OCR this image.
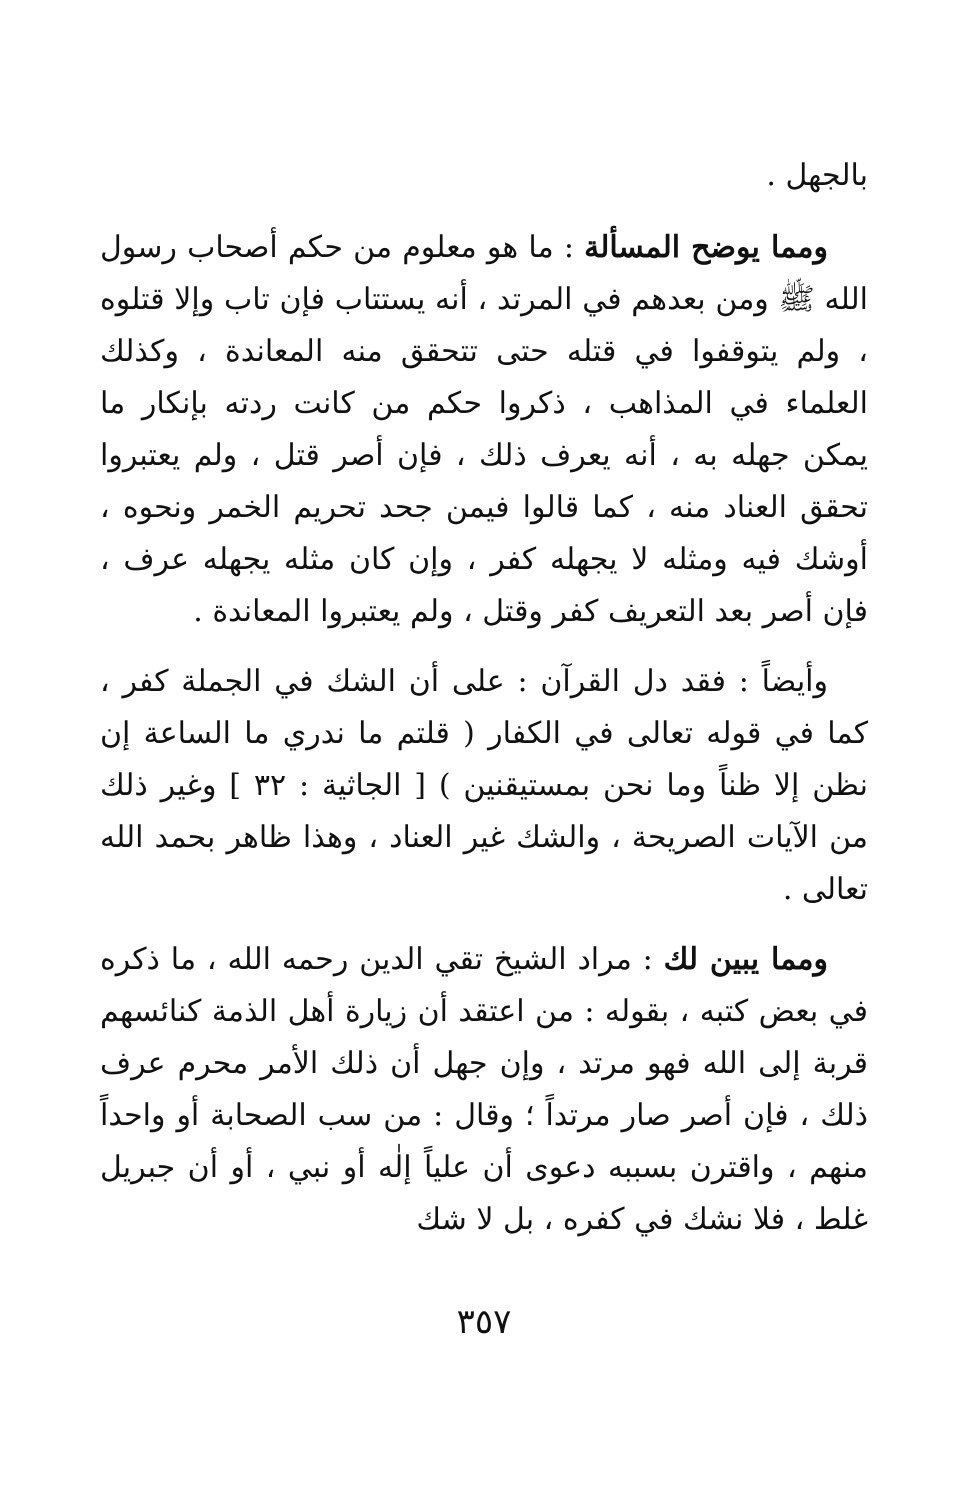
بالجهل .

ومما يوضح المسألة : ما هو معلوم من حكم أصحاب رسول الله ﷺ ومن بعدهم في المرتد ، أنه يستتاب فإن تاب وإلا قتلوه ، ولم يتوقفوا في قتله حتى تتحقق منه المعاندة ، وكذلك العلماء في المذاهب ، ذكروا حكم من كانت ردته بإنكار ما يمكن جهله به ، أنه يعرف ذلك ، فإن أصر قتل ، ولم يعتبروا تحقق العناد منه ، كما قالوا فيمن جحد تحريم الخمر ونحوه ، أوشك فيه ومثله لا يجهله كفر ، وإن كان مثله يجهله عرف ، فإن أصر بعد التعريف كفر وقتل ، ولم يعتبروا المعاندة .

وأيضاً : فقد دل القرآن : على أن الشك في الجملة كفر ، كما في قوله تعالى في الكفار ( قلتم ما ندري ما الساعة إن نظن إلا ظناً وما نحن بمستيقنين ) [ الجاثية : ٣٢ ] وغير ذلك من الآيات الصريحة ، والشك غير العناد ، وهذا ظاهر بحمد الله تعالى .

ومما يبين لك : مراد الشيخ تقي الدين رحمه الله ، ما ذكره في بعض كتبه ، بقوله : من اعتقد أن زيارة أهل الذمة كنائسهم قربة إلى الله فهو مرتد ، وإن جهل أن ذلك الأمر محرم عرف ذلك ، فإن أصر صار مرتداً ؛ وقال : من سب الصحابة أو واحداً منهم ، واقترن بسببه دعوى أن علياً إلٰه أو نبي ، أو أن جبريل غلط ، فلا نشك في كفره ، بل لا شك

٣٥٧
